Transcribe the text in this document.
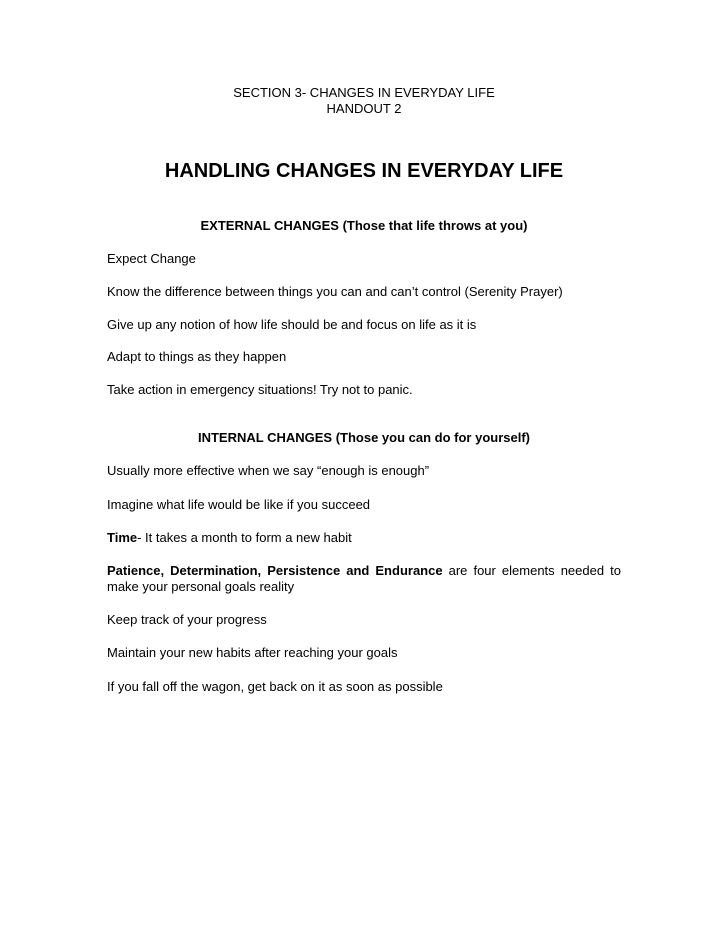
SECTION 3- CHANGES IN EVERYDAY LIFE
HANDOUT 2
HANDLING CHANGES IN EVERYDAY LIFE
EXTERNAL CHANGES (Those that life throws at you)
Expect Change
Know the difference between things you can and can’t control (Serenity Prayer)
Give up any notion of how life should be and focus on life as it is
Adapt to things as they happen
Take action in emergency situations! Try not to panic.
INTERNAL CHANGES (Those you can do for yourself)
Usually more effective when we say “enough is enough”
Imagine what life would be like if you succeed
Time- It takes a month to form a new habit
Patience, Determination, Persistence and Endurance are four elements needed to make your personal goals reality
Keep track of your progress
Maintain your new habits after reaching your goals
If you fall off the wagon, get back on it as soon as possible
